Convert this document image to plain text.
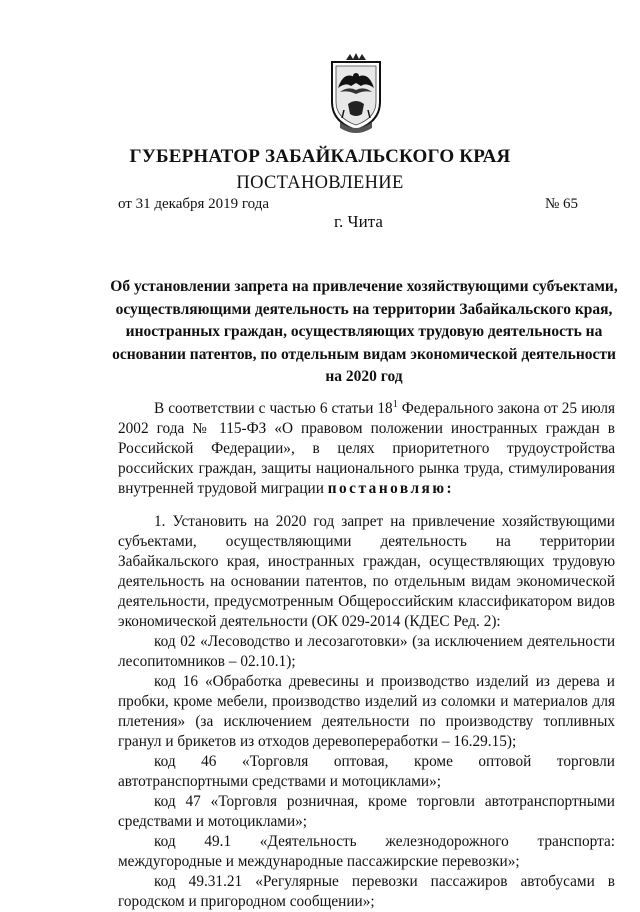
ГУБЕРНАТОР ЗАБАЙКАЛЬСКОГО КРАЯ
ПОСТАНОВЛЕНИЕ
от 31 декабря 2019 года	№ 65
г. Чита
Об установлении запрета на привлечение хозяйствующими субъектами,
осуществляющими деятельность на территории Забайкальского края,
иностранных граждан, осуществляющих трудовую деятельность на
основании патентов, по отдельным видам экономической деятельности
на 2020 год

В соответствии с частью 6 статьи $18^1$ Федерального закона от 25 июля 2002 года № 115-ФЗ «О правовом положении иностранных граждан в Российской Федерации», в целях приоритетного трудоустройства российских граждан, защиты национального рынка труда, стимулирования внутренней трудовой миграции постановляю:

1. Установить на 2020 год запрет на привлечение хозяйствующими субъектами, осуществляющими деятельность на территории Забайкальского края, иностранных граждан, осуществляющих трудовую деятельность на основании патентов, по отдельным видам экономической деятельности, предусмотренным Общероссийским классификатором видов экономической деятельности (ОК 029-2014 (КДЕС Ред. 2):

код 02 «Лесоводство и лесозаготовки» (за исключением деятельности лесопитомников – 02.10.1);

код 16 «Обработка древесины и производство изделий из дерева и пробки, кроме мебели, производство изделий из соломки и материалов для плетения» (за исключением деятельности по производству топливных гранул и брикетов из отходов деревопереработки – 16.29.15);

код 46 «Торговля оптовая, кроме оптовой торговли автотранспортными средствами и мотоциклами»;

код 47 «Торговля розничная, кроме торговли автотранспортными средствами и мотоциклами»;

код 49.1 «Деятельность железнодорожного транспорта: междугородные и международные пассажирские перевозки»;

код 49.31.21 «Регулярные перевозки пассажиров автобусами в городском и пригородном сообщении»;
